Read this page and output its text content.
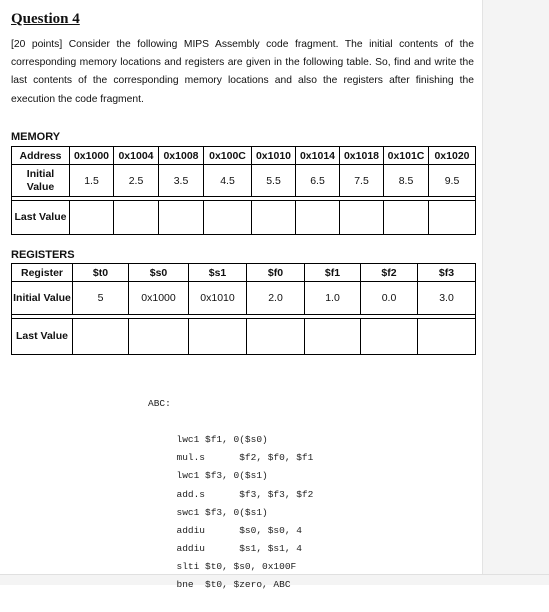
Question 4

[20 points] Consider the following MIPS Assembly code fragment. The initial contents of the corresponding memory locations and registers are given in the following table. So, find and write the last contents of the corresponding memory locations and also the registers after finishing the execution the code fragment.

MEMORY
Address	0x1000	0x1004	0x1008	0x100C	0x1010	0x1014	0x1018	0x101C	0x1020
Initial Value	1.5	2.5	3.5	4.5	5.5	6.5	7.5	8.5	9.5

Last Value									
REGISTERS
Register	$t0	$s0	$s1	$f0	$f1	$f2	$f3
Initial Value	5	0x1000	0x1010	2.0	1.0	0.0	3.0

Last Value							

ABC:

lwc1 $f1, 0($s0)
mul.s      $f2, $f0, $f1
lwc1 $f3, 0($s1)
add.s      $f3, $f3, $f2
swc1 $f3, 0($s1)
addiu      $s0, $s0, 4
addiu      $s1, $s1, 4
slti $t0, $s0, 0x100F
bne  $t0, $zero, ABC
